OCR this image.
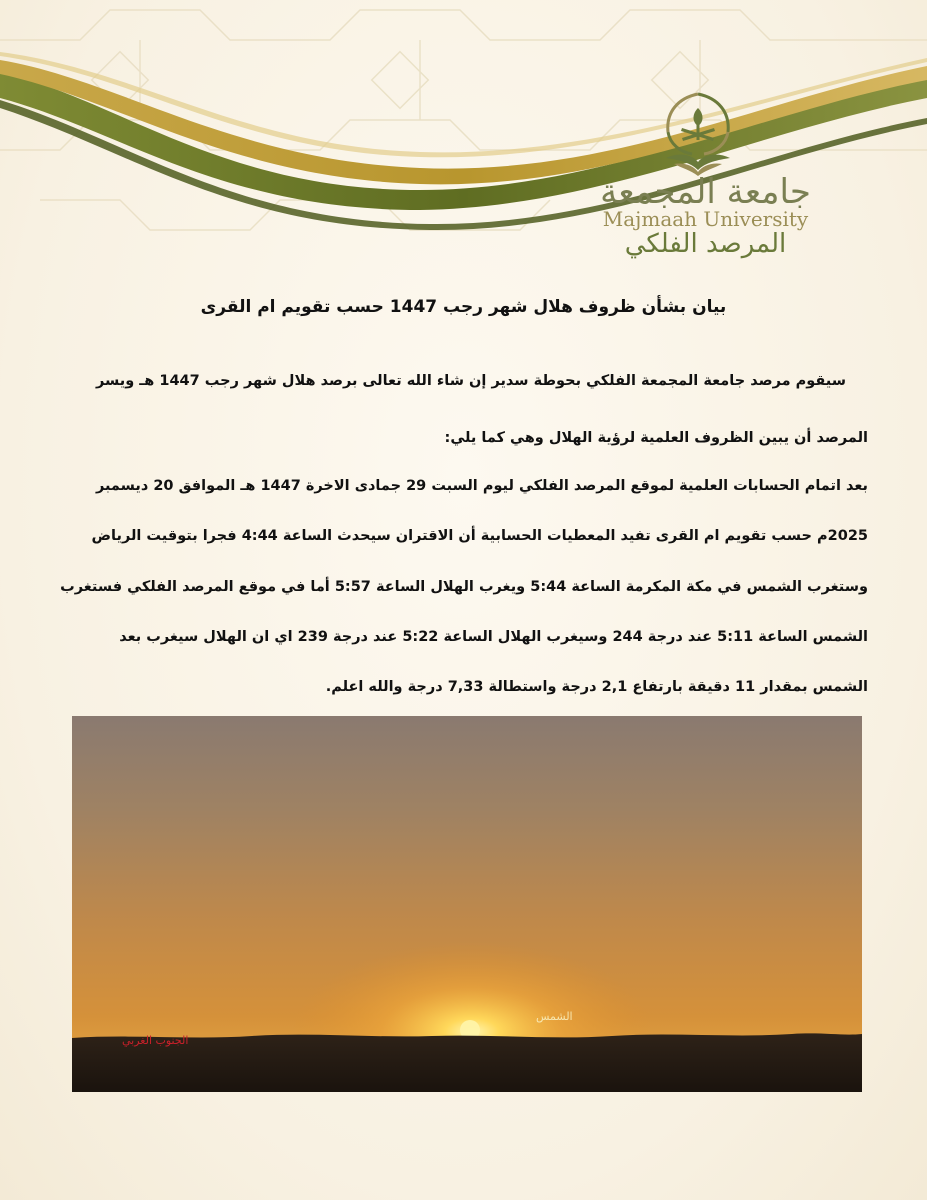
جامعة المجمعة
Majmaah University
المرصد الفلكي
بيان بشأن ظروف هلال شهر رجب 1447 حسب تقويم ام القرى
سيقوم مرصد جامعة المجمعة الفلكي بحوطة سدير إن شاء الله تعالى برصد هلال شهر رجب 1447 هـ ويسر
المرصد أن يبين الظروف العلمية لرؤية الهلال وهي كما يلي:
بعد اتمام الحسابات العلمية لموقع المرصد الفلكي ليوم السبت 29 جمادى الاخرة 1447 هـ الموافق 20 ديسمبر
2025م حسب تقويم ام القرى تفيد المعطيات الحسابية أن الاقتران سيحدث الساعة 4:44 فجرا بتوقيت الرياض
وستغرب الشمس في مكة المكرمة الساعة 5:44 ويغرب الهلال الساعة 5:57 أما في موقع المرصد الفلكي فستغرب
الشمس الساعة 5:11 عند درجة 244 وسيغرب الهلال الساعة 5:22 عند درجة 239 اي ان الهلال سيغرب بعد
الشمس بمقدار 11 دقيقة بارتفاع 2,1 درجة واستطالة 7,33 درجة والله اعلم.
الشمس
الجنوب الغربي
